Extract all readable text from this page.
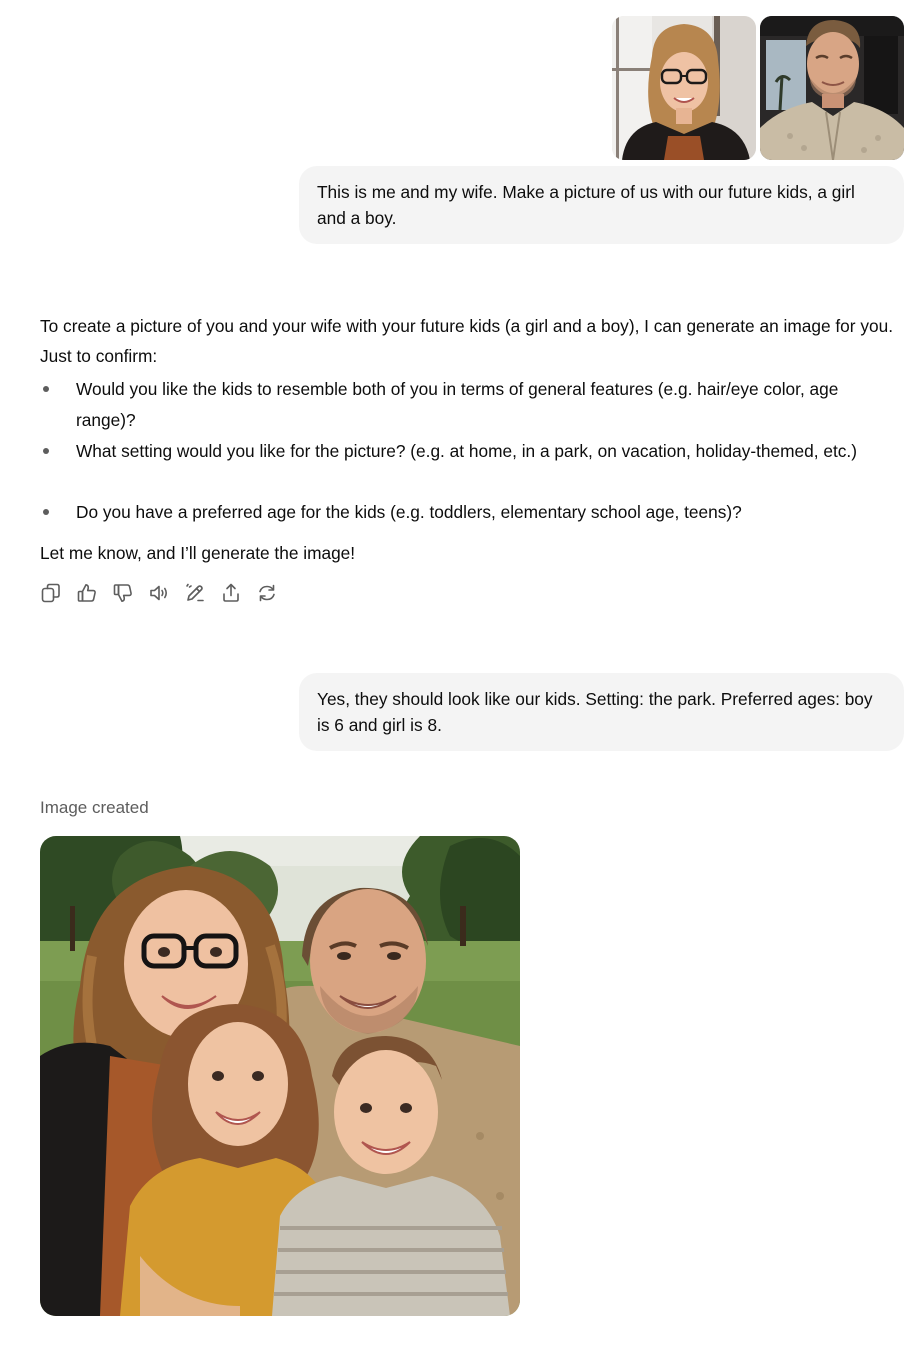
This is me and my wife. Make a picture of us with our future kids, a girl and a boy.
To create a picture of you and your wife with your future kids (a girl and a boy), I can generate an image for you. Just to confirm:
Would you like the kids to resemble both of you in terms of general features (e.g. hair/eye color, age range)?
What setting would you like for the picture? (e.g. at home, in a park, on vacation, holiday-themed, etc.)
Do you have a preferred age for the kids (e.g. toddlers, elementary school age, teens)?
Let me know, and I’ll generate the image!
Yes, they should look like our kids. Setting: the park. Preferred ages: boy is 6 and girl is 8.
Image created
